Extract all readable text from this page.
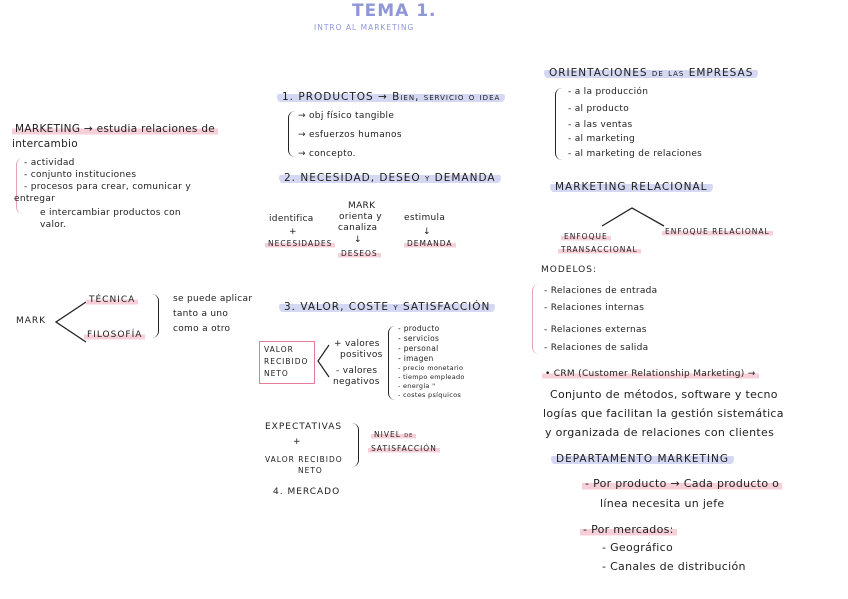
TEMA 1.
INTRO AL MARKETING
MARKETING → estudia relaciones de
intercambio
- actividad
- conjunto instituciones
- procesos para crear, comunicar y
entregar
e intercambiar productos con
valor.
MARK
TÉCNICA
FILOSOFÍA
se puede aplicar
tanto a uno
como a otro
1. PRODUCTOS → Bien, servicio o idea
→ obj físico tangible
→ esfuerzos humanos
→ concepto.
2. NECESIDAD, DESEO y DEMANDA
identifica
+
NECESIDADES
MARK
orienta y
canaliza
↓
DESEOS
estimula
↓
DEMANDA
3. VALOR, COSTE y SATISFACCIÓN
VALOR
RECIBIDO
NETO
+ valores
positivos
- valores
negativos
- producto
- servicios
- personal
- imagen
- precio monetario
- tiempo empleado
- energía "
- costes psíquicos
EXPECTATIVAS
+
VALOR RECIBIDO
NETO
NIVEL de
SATISFACCIÓN
4. MERCADO
ORIENTACIONES de las EMPRESAS
- a la producción
- al producto
- a las ventas
- al marketing
- al marketing de relaciones
MARKETING RELACIONAL
ENFOQUE
TRANSACCIONAL
ENFOQUE RELACIONAL
MODELOS:
- Relaciones de entrada
- Relaciones internas
- Relaciones externas
- Relaciones de salida
• CRM (Customer Relationship Marketing) →
Conjunto de métodos, software y tecno
logías que facilitan la gestión sistemática
y organizada de relaciones con clientes
DEPARTAMENTO MARKETING
- Por producto → Cada producto o
línea necesita un jefe
- Por mercados:
- Geográfico
- Canales de distribución
